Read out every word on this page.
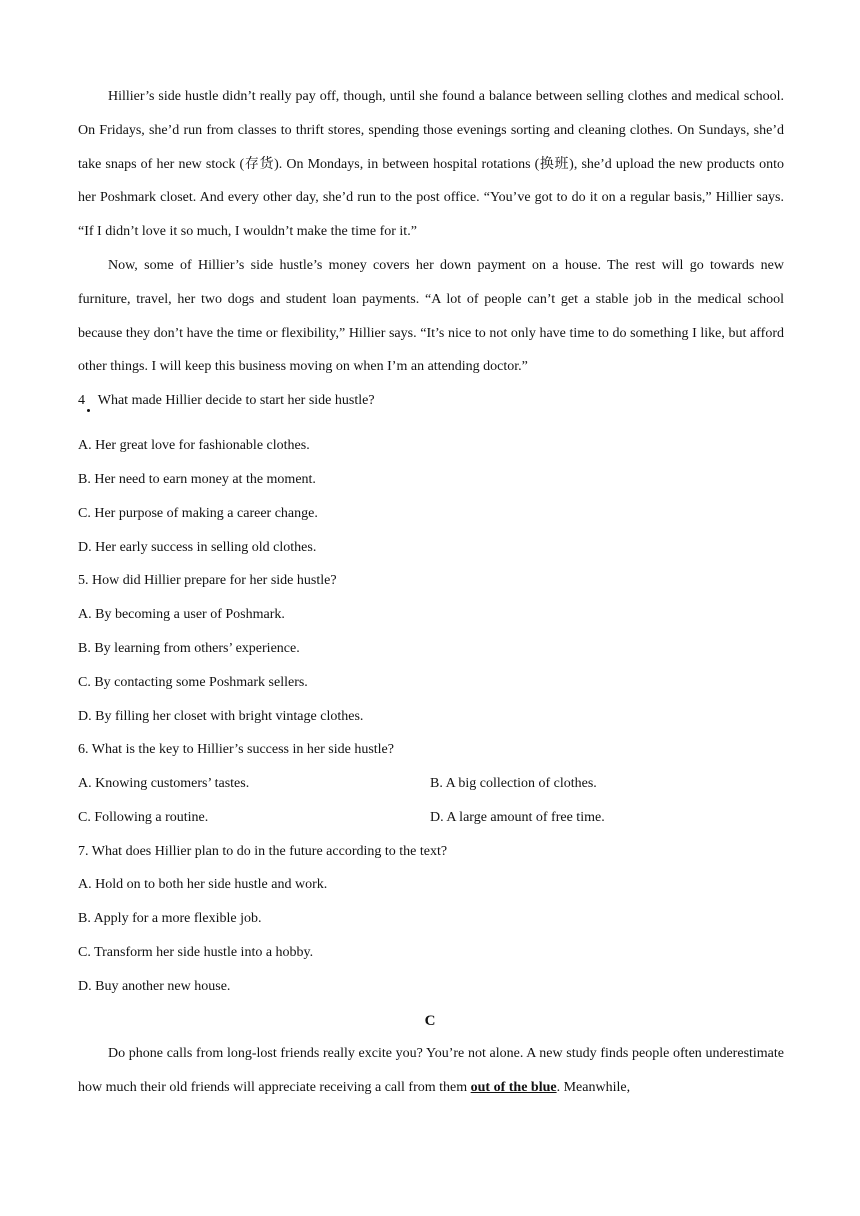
Hillier’s side hustle didn’t really pay off, though, until she found a balance between selling clothes and medical school. On Fridays, she’d run from classes to thrift stores, spending those evenings sorting and cleaning clothes. On Sundays, she’d take snaps of her new stock (存货). On Mondays, in between hospital rotations (换班), she’d upload the new products onto her Poshmark closet. And every other day, she’d run to the post office. “You’ve got to do it on a regular basis,” Hillier says. “If I didn’t love it so much, I wouldn’t make the time for it.”

Now, some of Hillier’s side hustle’s money covers her down payment on a house. The rest will go towards new furniture, travel, her two dogs and student loan payments. “A lot of people can’t get a stable job in the medical school because they don’t have the time or flexibility,” Hillier says. “It’s nice to not only have time to do something I like, but afford other things. I will keep this business moving on when I’m an attending doctor.”

4 What made Hillier decide to start her side hustle?
A. Her great love for fashionable clothes.
B. Her need to earn money at the moment.
C. Her purpose of making a career change.
D. Her early success in selling old clothes.
5. How did Hillier prepare for her side hustle?
A. By becoming a user of Poshmark.
B. By learning from others’ experience.
C. By contacting some Poshmark sellers.
D. By filling her closet with bright vintage clothes.
6. What is the key to Hillier’s success in her side hustle?
A. Knowing customers’ tastes.	B. A big collection of clothes.
C. Following a routine.	D. A large amount of free time.
7. What does Hillier plan to do in the future according to the text?
A. Hold on to both her side hustle and work.
B. Apply for a more flexible job.
C. Transform her side hustle into a hobby.
D. Buy another new house.
C

Do phone calls from long-lost friends really excite you? You’re not alone. A new study finds people often underestimate how much their old friends will appreciate receiving a call from them out of the blue. Meanwhile,
